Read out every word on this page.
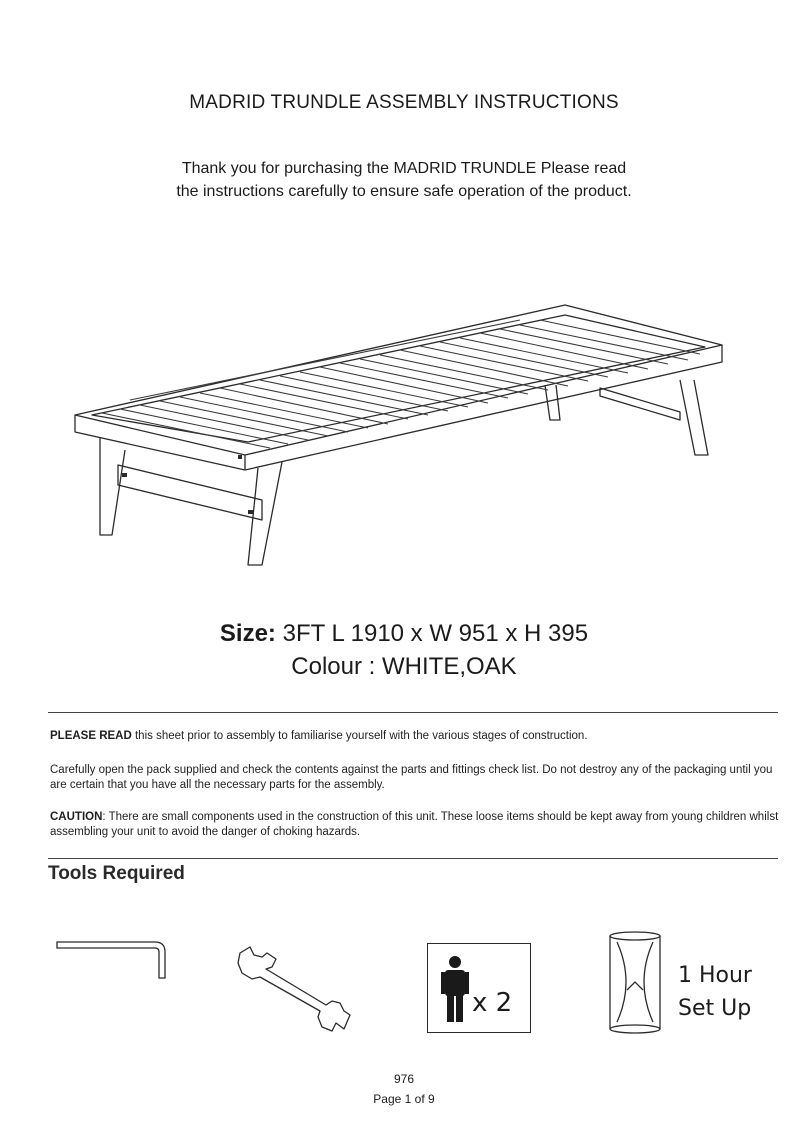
MADRID TRUNDLE ASSEMBLY INSTRUCTIONS
Thank you for purchasing the MADRID TRUNDLE Please read
the instructions carefully to ensure safe operation of the product.
Size: 3FT L 1910 x W 951 x H 395
Colour : WHITE,OAK
PLEASE READ this sheet prior to assembly to familiarise yourself with the various stages of construction.
Carefully open the pack supplied and check the contents against the parts and fittings check list. Do not destroy any of the packaging until you are certain that you have all the necessary parts for the assembly.
CAUTION: There are small components used in the construction of this unit. These loose items should be kept away from young children whilst assembling your unit to avoid the danger of choking hazards.
Tools Required
x 2
1 Hour
Set Up
976
Page 1 of 9
